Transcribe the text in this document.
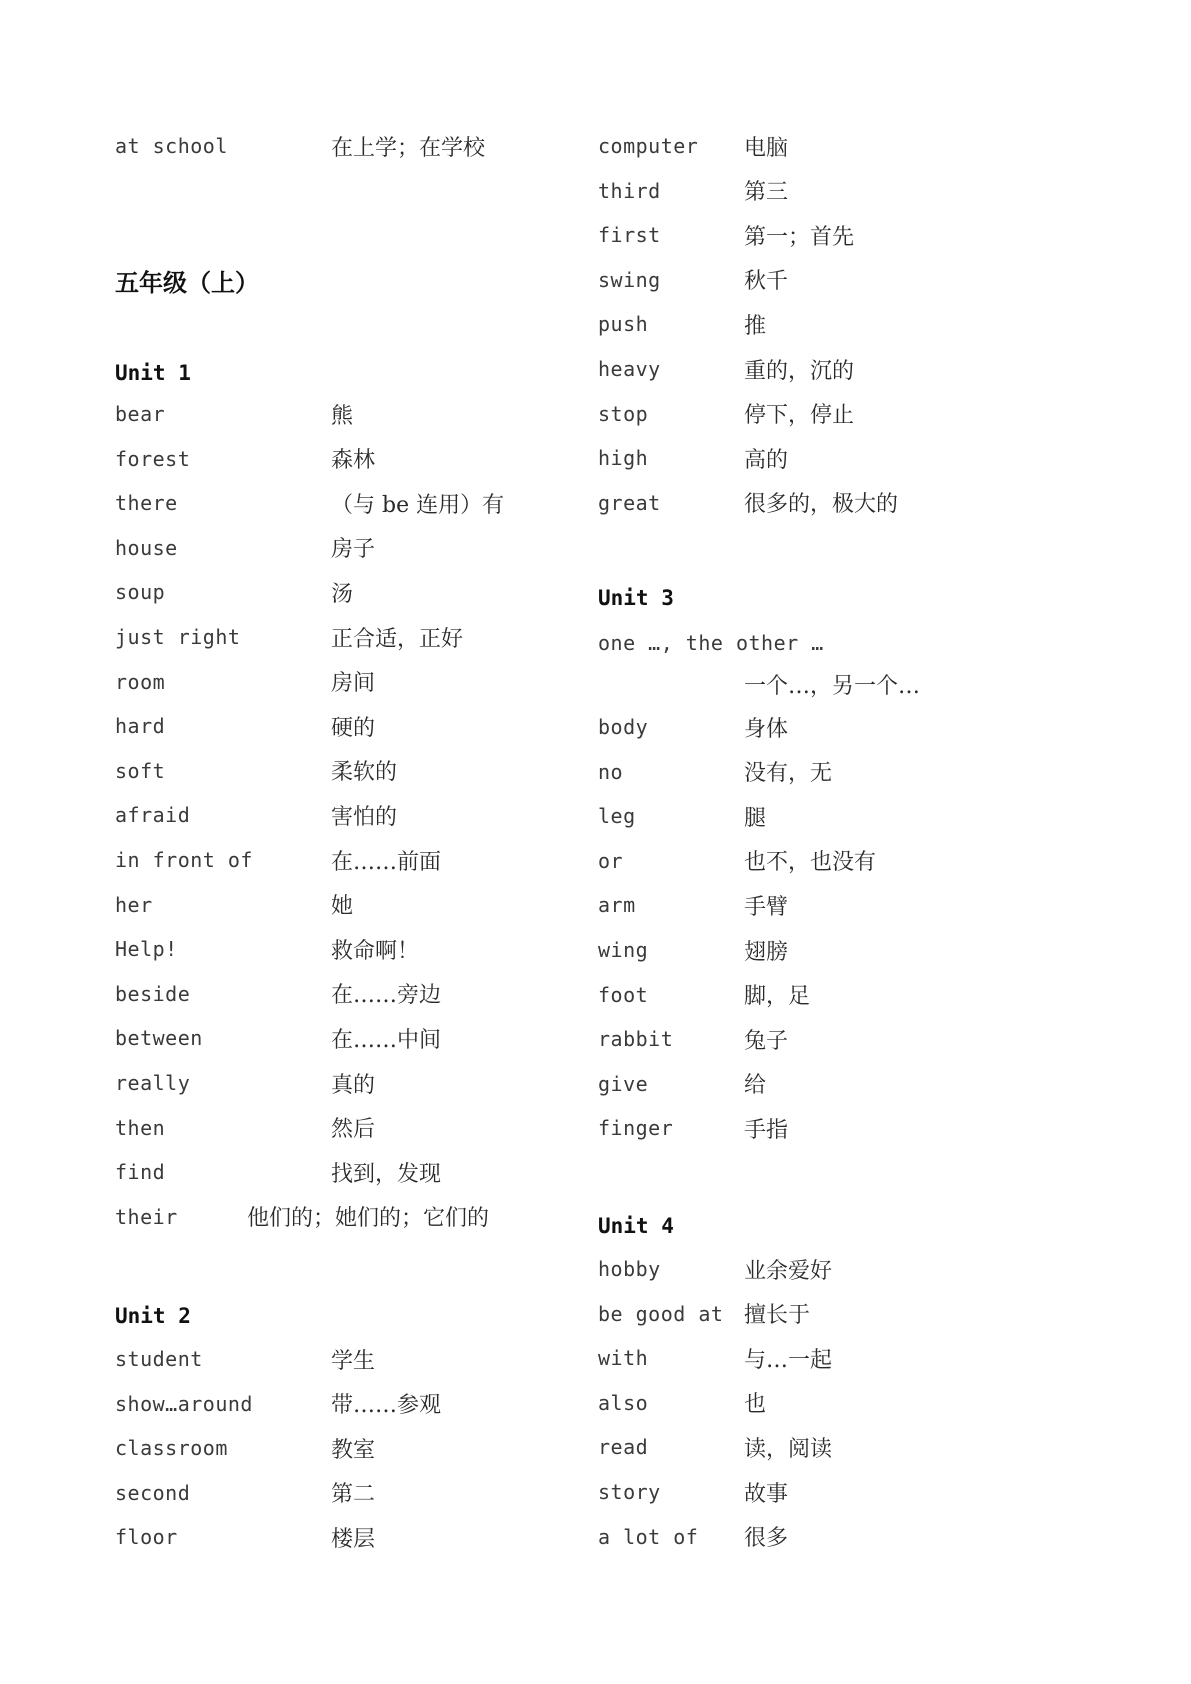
at school	在上学；在学校
五年级（上）
Unit 1
bear	熊
forest	森林
there	（与 be 连用）有
house	房子
soup	汤
just right	正合适，正好
room	房间
hard	硬的
soft	柔软的
afraid	害怕的
in front of	在……前面
her	她
Help!	救命啊！
beside	在……旁边
between	在……中间
really	真的
then	然后
find	找到，发现
their	他们的；她们的；它们的
Unit 2
student	学生
show…around	带……参观
classroom	教室
second	第二
floor	楼层
computer 电脑
third	第三
first	第一；首先
swing	秋千
push	推
heavy	重的，沉的
stop	停下，停止
high	高的
great	很多的，极大的
Unit 3
one …, the other …
一个…，另一个…
body	身体
no	没有，无
leg	腿
or	也不，也没有
arm	手臂
wing	翅膀
foot	脚，足
rabbit	兔子
give	给
finger	手指
Unit 4
hobby	业余爱好
be good at 擅长于
with	与…一起
also	也
read	读，阅读
story	故事
a lot of 很多
